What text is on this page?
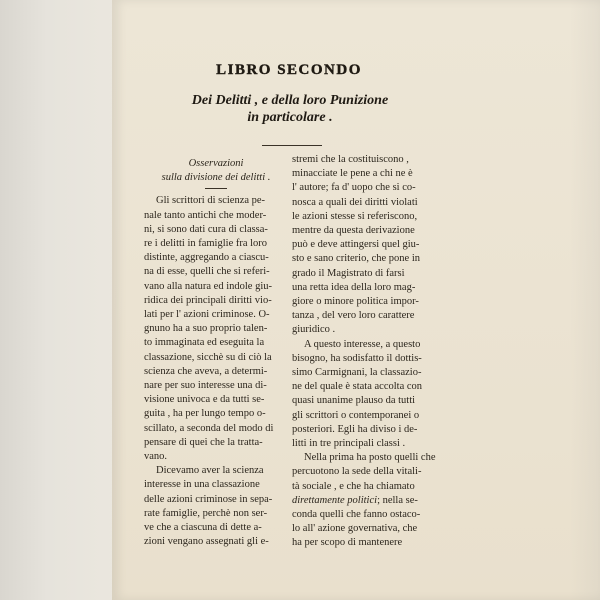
LIBRO SECONDO
Dei Delitti , e della loro Punizione
in particolare .
Osservazioni
sulla divisione dei delitti .
Gli scrittori di scienza pe-
nale tanto antichi che moder-
ni, si sono dati cura di classa-
re i delitti in famiglie fra loro
distinte, aggregando a ciascu-
na di esse, quelli che si referi-
vano alla natura ed indole giu-
ridica dei principali diritti vio-
lati per l' azioni criminose. O-
gnuno ha a suo proprio talen-
to immaginata ed eseguita la
classazione, sicchè su di ciò la
scienza che aveva, a determi-
nare per suo interesse una di-
visione univoca e da tutti se-
guita , ha per lungo tempo o-
scillato, a seconda del modo di
pensare di quei che la tratta-
vano.
Dicevamo aver la scienza
interesse in una classazione
delle azioni criminose in sepa-
rate famiglie, perchè non ser-
ve che a ciascuna di dette a-
zioni vengano assegnati gli e-
stremi che la costituiscono ,
minacciate le pene a chi ne è
l' autore; fa d' uopo che si co-
nosca a quali dei diritti violati
le azioni stesse si referiscono,
mentre da questa derivazione
può e deve attingersi quel giu-
sto e sano criterio, che pone in
grado il Magistrato di farsi
una retta idea della loro mag-
giore o minore politica impor-
tanza , del vero loro carattere
giuridico .
A questo interesse, a questo
bisogno, ha sodisfatto il dottis-
simo Carmignani, la classazio-
ne del quale è stata accolta con
quasi unanime plauso da tutti
gli scrittori o contemporanei o
posteriori. Egli ha diviso i de-
litti in tre principali classi .
Nella prima ha posto quelli che
percuotono la sede della vitali-
tà sociale , e che ha chiamato
direttamente politici; nella se-
conda quelli che fanno ostaco-
lo all' azione governativa, che
ha per scopo di mantenere
